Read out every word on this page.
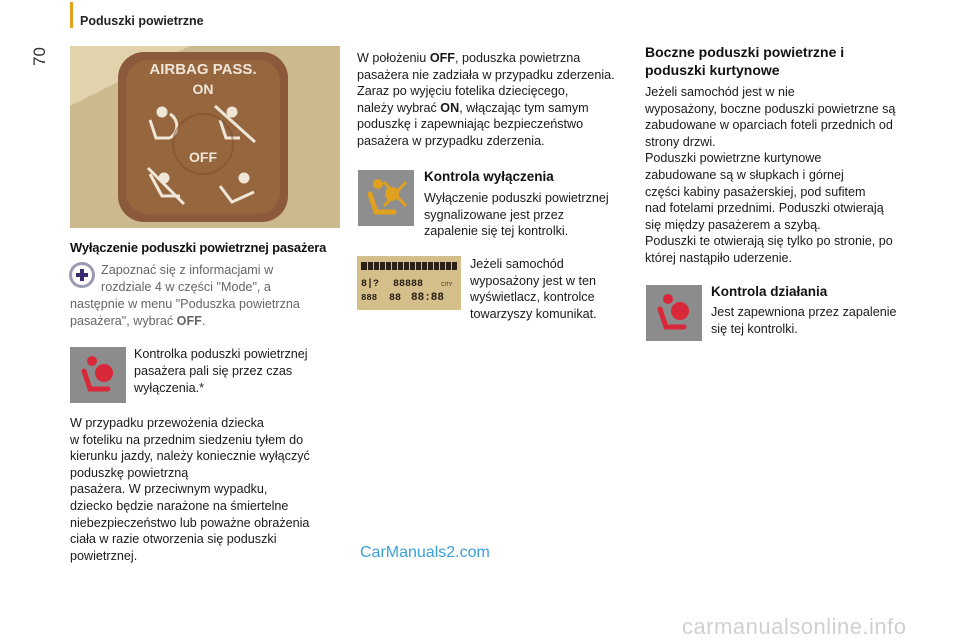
Poduszki powietrzne
70
AIRBAG PASS.
ON
OFF
Wyłączenie poduszki powietrznej pasażera
Zapoznać się z informacjami w
rozdziale 4 w części "Mode", a
następnie w menu "Poduszka powietrzna
pasażera", wybrać OFF.
Kontrolka poduszki powietrznej
pasażera pali się przez czas
wyłączenia.*
W przypadku przewożenia dziecka
w foteliku na przednim siedzeniu tyłem do
kierunku jazdy, należy koniecznie wyłączyć
poduszkę powietrzną
pasażera. W przeciwnym wypadku,
dziecko będzie narażone na śmiertelne
niebezpieczeństwo lub poważne obrażenia
ciała w razie otworzenia się poduszki
powietrznej.
W położeniu OFF, poduszka powietrzna
pasażera nie zadziała w przypadku zderzenia.
Zaraz po wyjęciu fotelika dziecięcego,
należy wybrać ON, włączając tym samym
poduszkę i zapewniając bezpieczeństwo
pasażera w przypadku zderzenia.
Kontrola wyłączenia
Wyłączenie poduszki powietrznej
sygnalizowane jest przez
zapalenie się tej kontrolki.
8|? 88888
888 88 88:88
CITY
Jeżeli samochód
wyposażony jest w ten
wyświetlacz, kontrolce
towarzyszy komunikat.
Boczne poduszki powietrzne i
poduszki kurtynowe
Jeżeli samochód jest w nie
wyposażony, boczne poduszki powietrzne są
zabudowane w oparciach foteli przednich od
strony drzwi.
Poduszki powietrzne kurtynowe
zabudowane są w słupkach i górnej
części kabiny pasażerskiej, pod sufitem
nad fotelami przednimi. Poduszki otwierają
się między pasażerem a szybą.
Poduszki te otwierają się tylko po stronie, po
której nastąpiło uderzenie.
Kontrola działania
Jest zapewniona przez zapalenie
się tej kontrolki.
CarManuals2.com
carmanualsonline.info
